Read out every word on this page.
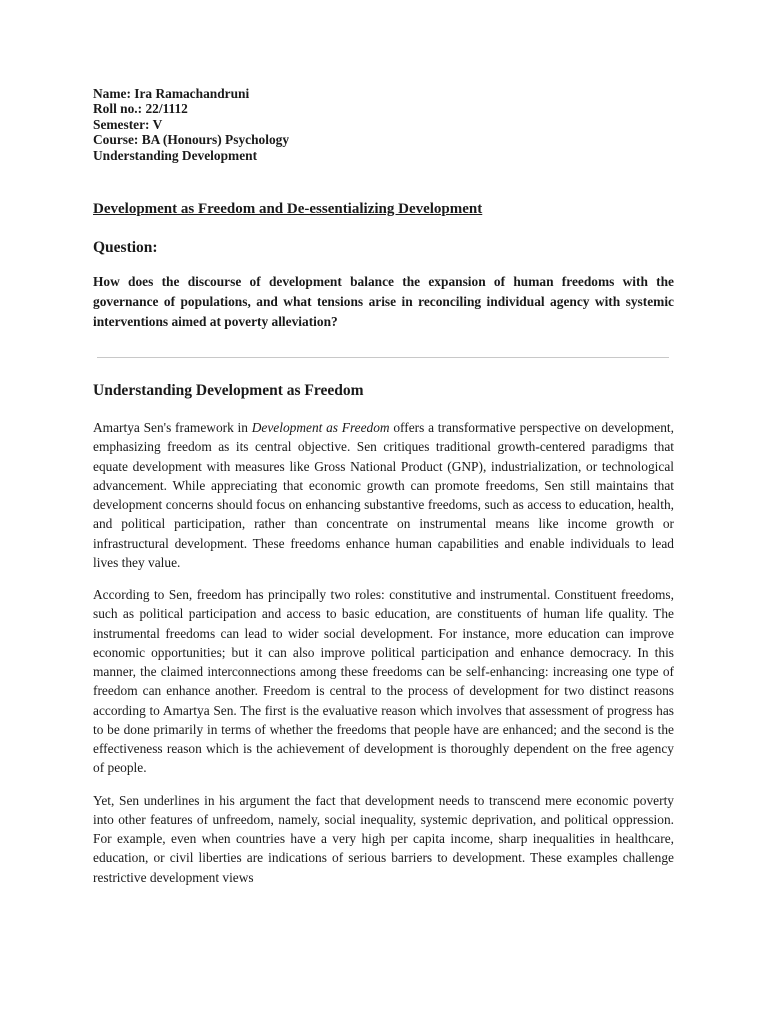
Name: Ira Ramachandruni

Roll no.: 22/1112

Semester: V

Course: BA (Honours) Psychology

Understanding Development

Development as Freedom and De‐essentializing Development
Question:

How does the discourse of development balance the expansion of human freedoms with the governance of populations, and what tensions arise in reconciling individual agency with systemic interventions aimed at poverty alleviation?

Understanding Development as Freedom

Amartya Sen's framework in Development as Freedom offers a transformative perspective on development, emphasizing freedom as its central objective. Sen critiques traditional growth-centered paradigms that equate development with measures like Gross National Product (GNP), industrialization, or technological advancement. While appreciating that economic growth can promote freedoms, Sen still maintains that development concerns should focus on enhancing substantive freedoms, such as access to education, health, and political participation, rather than concentrate on instrumental means like income growth or infrastructural development. These freedoms enhance human capabilities and enable individuals to lead lives they value.

According to Sen, freedom has principally two roles: constitutive and instrumental. Constituent freedoms, such as political participation and access to basic education, are constituents of human life quality. The instrumental freedoms can lead to wider social development. For instance, more education can improve economic opportunities; but it can also improve political participation and enhance democracy. In this manner, the claimed interconnections among these freedoms can be self-enhancing: increasing one type of freedom can enhance another. Freedom is central to the process of development for two distinct reasons according to Amartya Sen. The first is the evaluative reason which involves that assessment of progress has to be done primarily in terms of whether the freedoms that people have are enhanced; and the second is the effectiveness reason which is the achievement of development is thoroughly dependent on the free agency of people.

Yet, Sen underlines in his argument the fact that development needs to transcend mere economic poverty into other features of unfreedom, namely, social inequality, systemic deprivation, and political oppression. For example, even when countries have a very high per capita income, sharp inequalities in healthcare, education, or civil liberties are indications of serious barriers to development. These examples challenge restrictive development views
